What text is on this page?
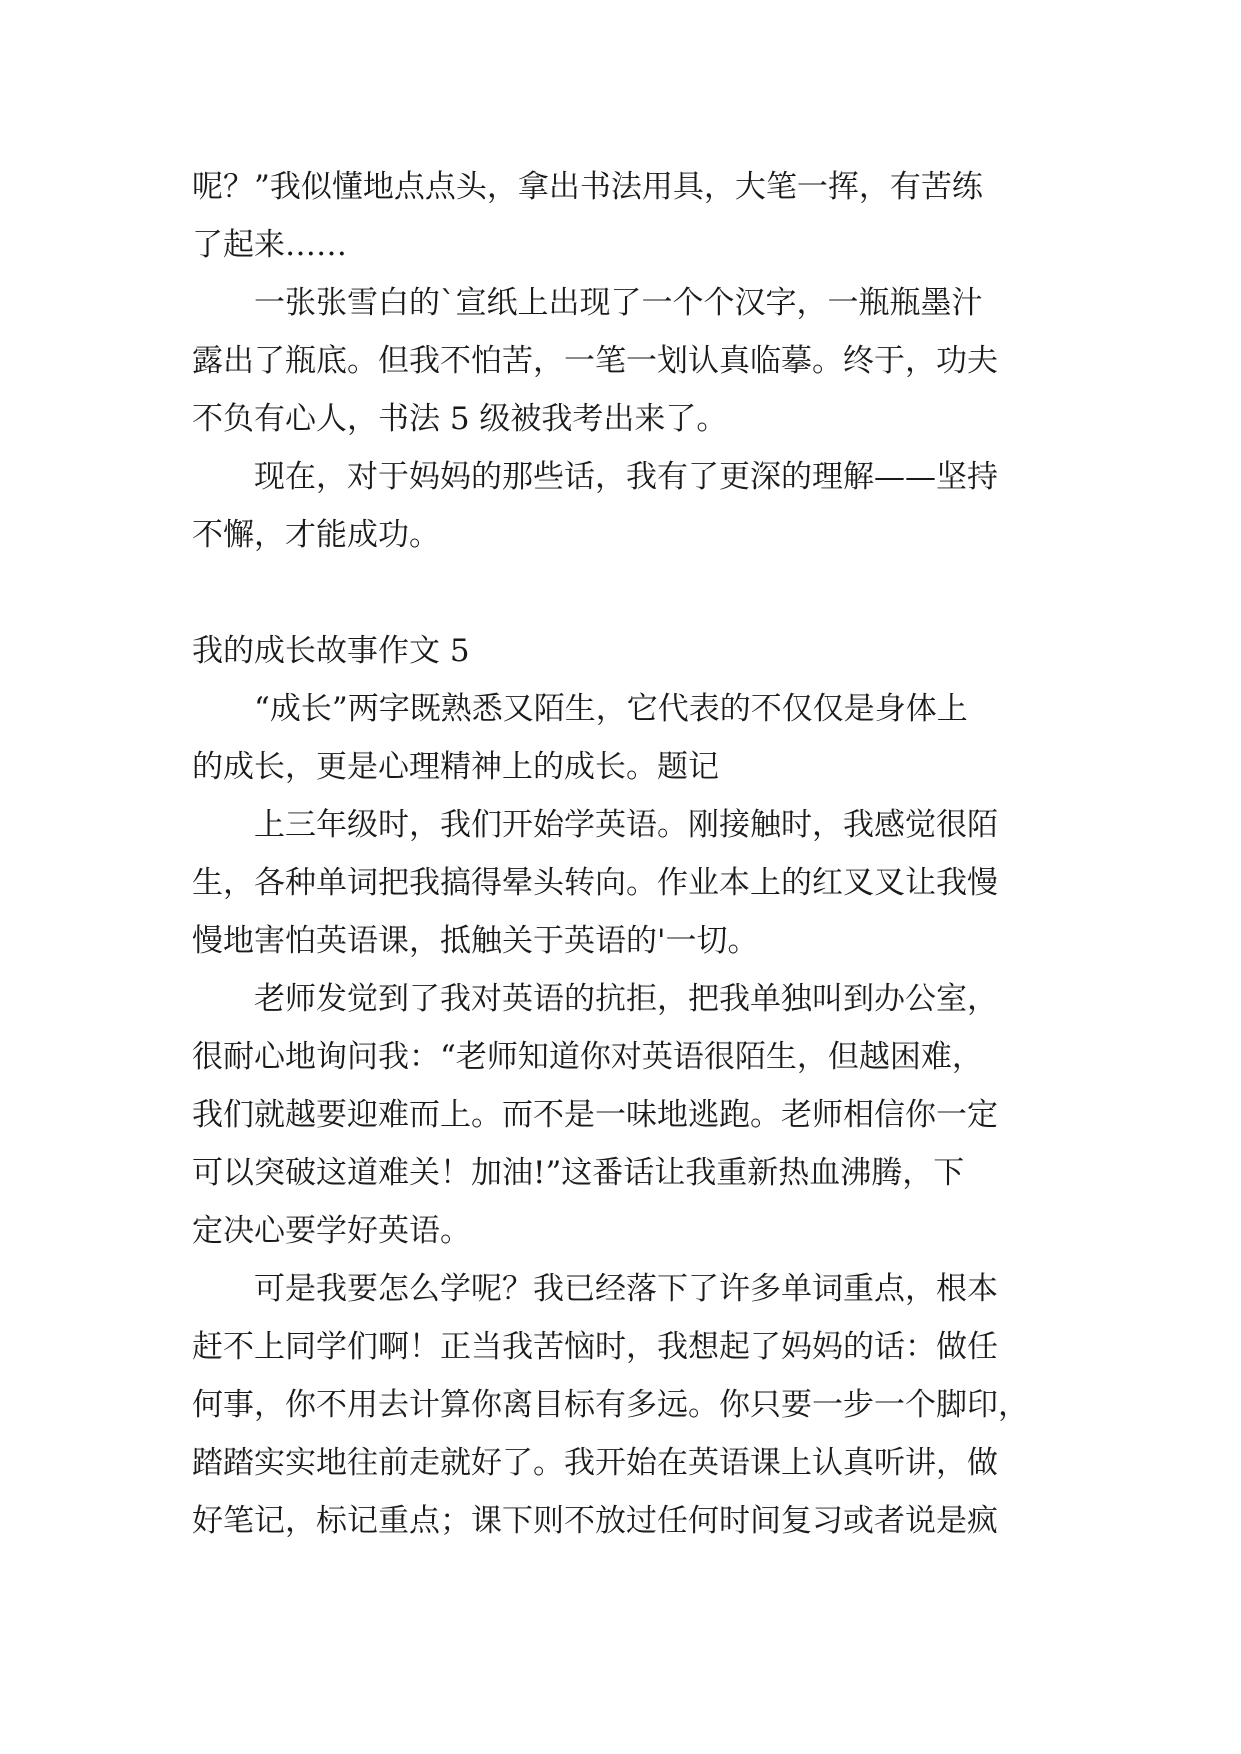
呢？”我似懂地点点头，拿出书法用具，大笔一挥，有苦练
了起来……
一张张雪白的`宣纸上出现了一个个汉字，一瓶瓶墨汁
露出了瓶底。但我不怕苦，一笔一划认真临摹。终于，功夫
不负有心人，书法 5 级被我考出来了。
现在，对于妈妈的那些话，我有了更深的理解——坚持
不懈，才能成功。
我的成长故事作文 5
“成长”两字既熟悉又陌生，它代表的不仅仅是身体上
的成长，更是心理精神上的成长。题记
上三年级时，我们开始学英语。刚接触时，我感觉很陌
生，各种单词把我搞得晕头转向。作业本上的红叉叉让我慢
慢地害怕英语课，抵触关于英语的'一切。
老师发觉到了我对英语的抗拒，把我单独叫到办公室，
很耐心地询问我：“老师知道你对英语很陌生，但越困难，
我们就越要迎难而上。而不是一味地逃跑。老师相信你一定
可以突破这道难关！加油!”这番话让我重新热血沸腾，下
定决心要学好英语。
可是我要怎么学呢？我已经落下了许多单词重点，根本
赶不上同学们啊！正当我苦恼时，我想起了妈妈的话：做任
何事，你不用去计算你离目标有多远。你只要一步一个脚印，
踏踏实实地往前走就好了。我开始在英语课上认真听讲，做
好笔记，标记重点；课下则不放过任何时间复习或者说是疯
